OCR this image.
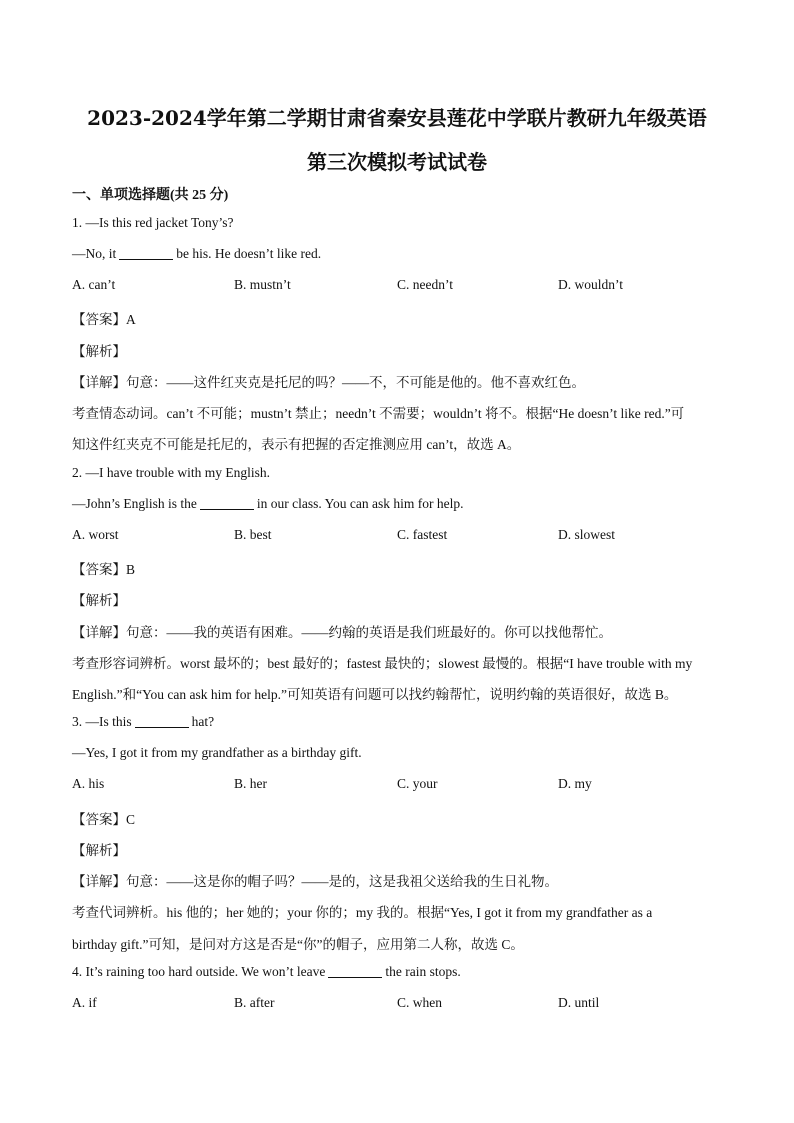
2023-2024学年第二学期甘肃省秦安县莲花中学联片教研九年级英语
第三次模拟考试试卷
一、单项选择题(共 25 分)
1. —Is this red jacket Tony’s?
—No, it	be his. He doesn’t like red.
A. can’t	B. mustn’t	C. needn’t	D. wouldn’t
【答案】A
【解析】
【详解】句意：——这件红夹克是托尼的吗？——不，不可能是他的。他不喜欢红色。
考查情态动词。can’t 不可能；mustn’t 禁止；needn’t 不需要；wouldn’t 将不。根据“He doesn’t like red.”可
知这件红夹克不可能是托尼的，表示有把握的否定推测应用 can’t，故选 A。
2. —I have trouble with my English.
—John’s English is the	in our class. You can ask him for help.
A. worst	B. best	C. fastest	D. slowest
【答案】B
【解析】
【详解】句意：——我的英语有困难。——约翰的英语是我们班最好的。你可以找他帮忙。
考查形容词辨析。worst 最坏的；best 最好的；fastest 最快的；slowest 最慢的。根据“I have trouble with my
English.”和“You can ask him for help.”可知英语有问题可以找约翰帮忙，说明约翰的英语很好，故选 B。
3. —Is this	hat?
—Yes, I got it from my grandfather as a birthday gift.
A. his	B. her	C. your	D. my
【答案】C
【解析】
【详解】句意：——这是你的帽子吗？——是的，这是我祖父送给我的生日礼物。
考查代词辨析。his 他的；her 她的；your 你的；my 我的。根据“Yes, I got it from my grandfather as a
birthday gift.”可知，是问对方这是否是“你”的帽子，应用第二人称，故选 C。
4. It’s raining too hard outside. We won’t leave	the rain stops.
A. if	B. after	C. when	D. until
